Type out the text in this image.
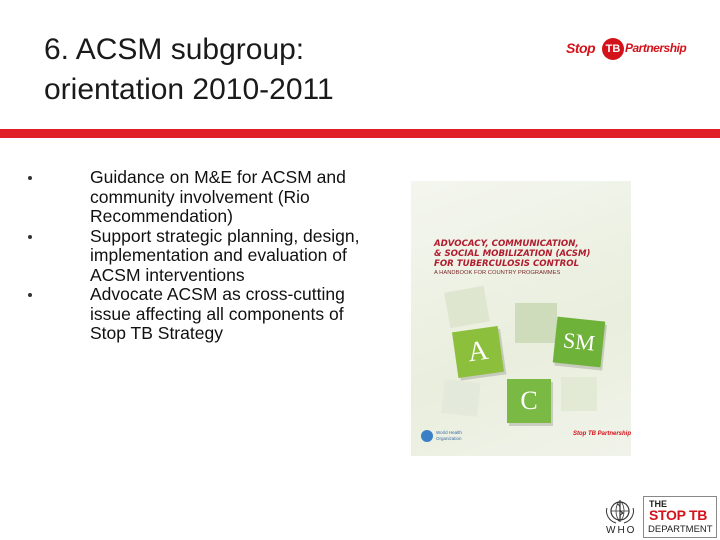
6. ACSM subgroup:
orientation 2010-2011
Stop TB Partnership
Guidance on M&E for ACSM and community involvement (Rio Recommendation)
Support strategic planning, design, implementation and evaluation of ACSM interventions
Advocate ACSM as cross-cutting issue affecting all components of Stop TB Strategy
ADVOCACY, COMMUNICATION,
& SOCIAL MOBILIZATION (ACSM)
FOR TUBERCULOSIS CONTROL
A HANDBOOK FOR COUNTRY PROGRAMMES
A	SM
C
World Health
Organization
Stop TB Partnership
WHO
THE
STOP TB
DEPARTMENT
